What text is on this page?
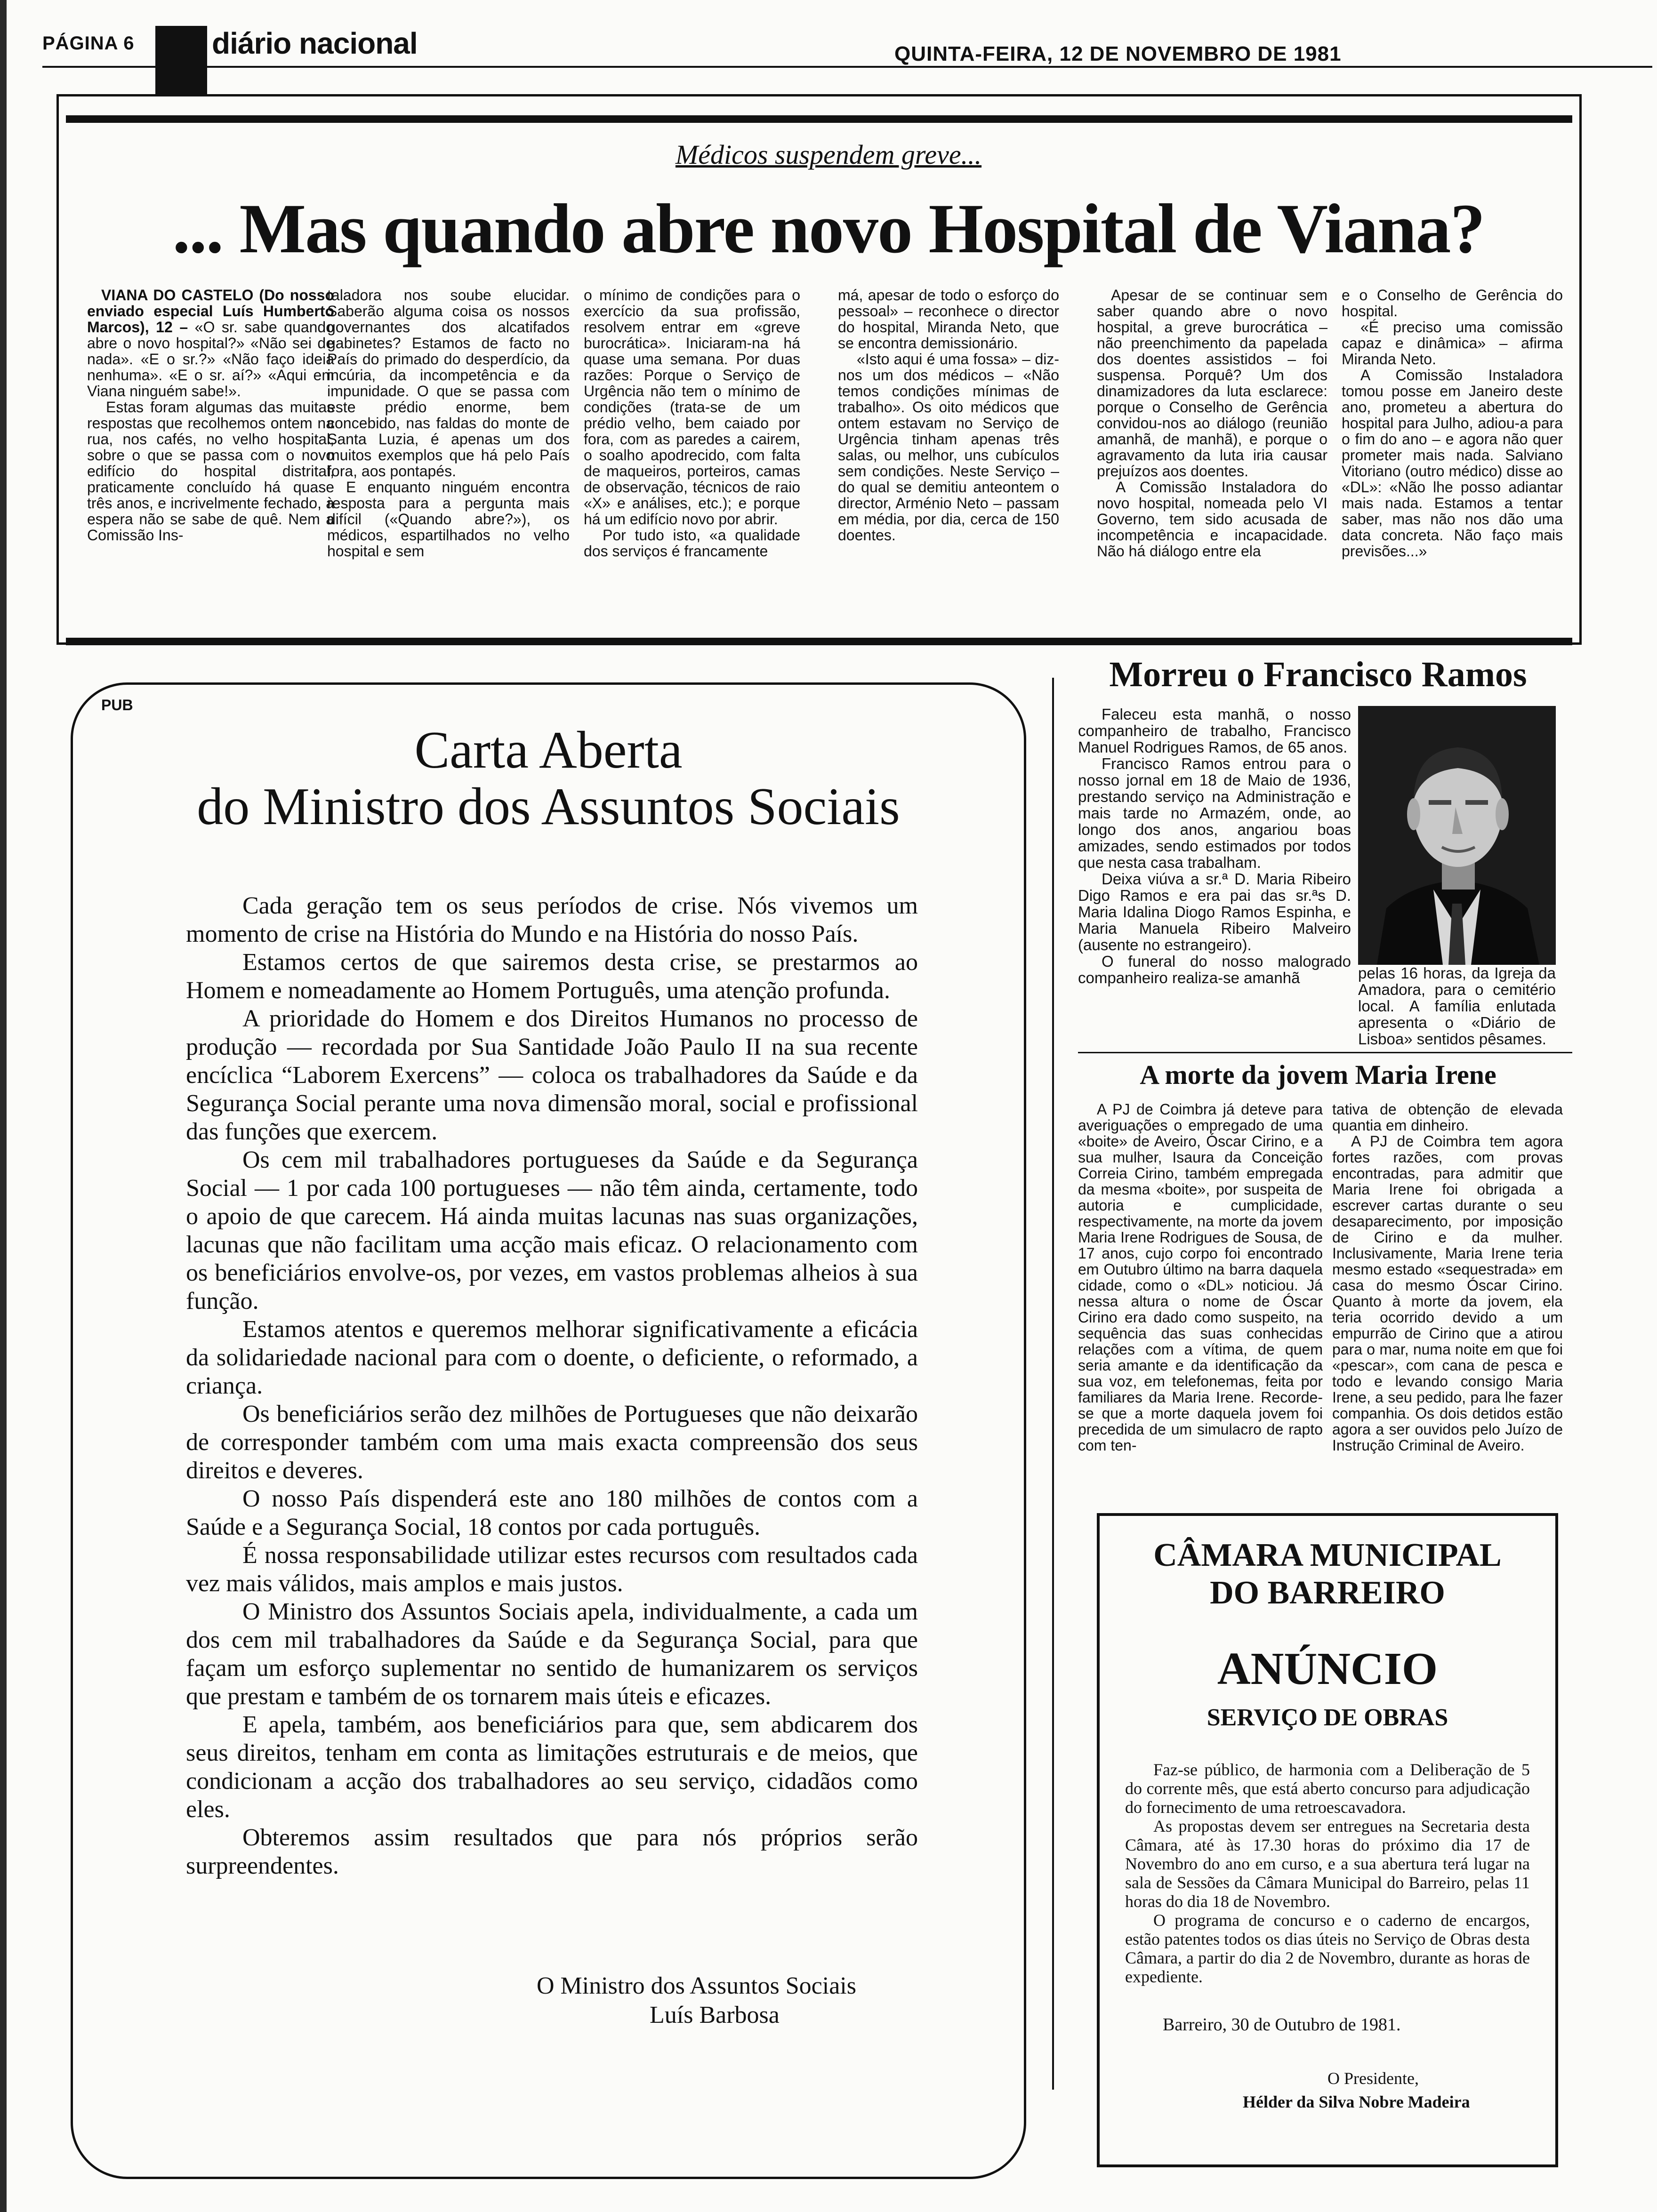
PÁGINA 6	diário nacional	QUINTA-FEIRA, 12 DE NOVEMBRO DE 1981
Médicos suspendem greve...
... Mas quando abre novo Hospital de Viana?

VIANA DO CASTELO (Do nosso enviado especial Luís Humberto Marcos), 12 – «O sr. sabe quando abre o novo hospital?» «Não sei de nada». «E o sr.?» «Não faço ideia nenhuma». «E o sr. aí?» «Aqui em Viana ninguém sabe!».

Estas foram algumas das muitas respostas que recolhemos ontem na rua, nos cafés, no velho hospital, sobre o que se passa com o novo edifício do hospital distrital, praticamente concluído há quase três anos, e incrivelmente fechado, à espera não se sabe de quê. Nem a Comissão Ins-

taladora nos soube elucidar. Saberão alguma coisa os nossos governantes dos alcatifados gabinetes? Estamos de facto no País do primado do desperdício, da incúria, da incompetência e da impunidade. O que se passa com este prédio enorme, bem concebido, nas faldas do monte de Santa Luzia, é apenas um dos muitos exemplos que há pelo País fora, aos pontapés.

E enquanto ninguém encontra resposta para a pergunta mais difícil («Quando abre?»), os médicos, espartilhados no velho hospital e sem

o mínimo de condições para o exercício da sua profissão, resolvem entrar em «greve burocrática». Iniciaram-na há quase uma semana. Por duas razões: Porque o Serviço de Urgência não tem o mínimo de condições (trata-se de um prédio velho, bem caiado por fora, com as paredes a cairem, o soalho apodrecido, com falta de maqueiros, porteiros, camas de observação, técnicos de raio «X» e análises, etc.); e porque há um edifício novo por abrir.

Por tudo isto, «a qualidade dos serviços é francamente

má, apesar de todo o esforço do pessoal» – reconhece o director do hospital, Miranda Neto, que se encontra demissionário.

«Isto aqui é uma fossa» – diz-nos um dos médicos – «Não temos condições mínimas de trabalho». Os oito médicos que ontem estavam no Serviço de Urgência tinham apenas três salas, ou melhor, uns cubículos sem condições. Neste Serviço – do qual se demitiu anteontem o director, Arménio Neto – passam em média, por dia, cerca de 150 doentes.

Apesar de se continuar sem saber quando abre o novo hospital, a greve burocrática – não preenchimento da papelada dos doentes assistidos – foi suspensa. Porquê? Um dos dinamizadores da luta esclarece: porque o Conselho de Gerência convidou-nos ao diálogo (reunião amanhã, de manhã), e porque o agravamento da luta iria causar prejuízos aos doentes.

A Comissão Instaladora do novo hospital, nomeada pelo VI Governo, tem sido acusada de incompetência e incapacidade. Não há diálogo entre ela

e o Conselho de Gerência do hospital.

«É preciso uma comissão capaz e dinâmica» – afirma Miranda Neto.

A Comissão Instaladora tomou posse em Janeiro deste ano, prometeu a abertura do hospital para Julho, adiou-a para o fim do ano – e agora não quer prometer mais nada. Salviano Vitoriano (outro médico) disse ao «DL»: «Não lhe posso adiantar mais nada. Estamos a tentar saber, mas não nos dão uma data concreta. Não faço mais previsões...»

PUB
Carta Aberta
do Ministro dos Assuntos Sociais

Cada geração tem os seus períodos de crise. Nós vivemos um momento de crise na História do Mundo e na História do nosso País.

Estamos certos de que sairemos desta crise, se prestarmos ao Homem e nomeadamente ao Homem Português, uma atenção profunda.

A prioridade do Homem e dos Direitos Humanos no processo de produção — recordada por Sua Santidade João Paulo II na sua recente encíclica “Laborem Exercens” — coloca os trabalhadores da Saúde e da Segurança Social perante uma nova dimensão moral, social e profissional das funções que exercem.

Os cem mil trabalhadores portugueses da Saúde e da Segurança Social — 1 por cada 100 portugueses — não têm ainda, certamente, todo o apoio de que carecem. Há ainda muitas lacunas nas suas organizações, lacunas que não facilitam uma acção mais eficaz. O relacionamento com os beneficiários envolve-os, por vezes, em vastos problemas alheios à sua função.

Estamos atentos e queremos melhorar significativamente a eficácia da solidariedade nacional para com o doente, o deficiente, o reformado, a criança.

Os beneficiários serão dez milhões de Portugueses que não deixarão de corresponder também com uma mais exacta compreensão dos seus direitos e deveres.

O nosso País dispenderá este ano 180 milhões de contos com a Saúde e a Segurança Social, 18 contos por cada português.

É nossa responsabilidade utilizar estes recursos com resultados cada vez mais válidos, mais amplos e mais justos.

O Ministro dos Assuntos Sociais apela, individualmente, a cada um dos cem mil trabalhadores da Saúde e da Segurança Social, para que façam um esforço suplementar no sentido de humanizarem os serviços que prestam e também de os tornarem mais úteis e eficazes.

E apela, também, aos beneficiários para que, sem abdicarem dos seus direitos, tenham em conta as limitações estruturais e de meios, que condicionam a acção dos trabalhadores ao seu serviço, cidadãos como eles.

Obteremos assim resultados que para nós próprios serão surpreendentes.

O Ministro dos Assuntos Sociais
Luís Barbosa
Morreu o Francisco Ramos

Faleceu esta manhã, o nosso companheiro de trabalho, Francisco Manuel Rodrigues Ramos, de 65 anos.

Francisco Ramos entrou para o nosso jornal em 18 de Maio de 1936, prestando serviço na Administração e mais tarde no Armazém, onde, ao longo dos anos, angariou boas amizades, sendo estimados por todos que nesta casa trabalham.

Deixa viúva a sr.ª D. Maria Ribeiro Digo Ramos e era pai das sr.ªs D. Maria Idalina Diogo Ramos Espinha, e Maria Manuela Ribeiro Malveiro (ausente no estrangeiro).

O funeral do nosso malogrado companheiro realiza-se amanhã	pelas 16 horas, da Igreja da Amadora, para o cemitério local. A família enlutada apresenta o «Diário de Lisboa» sentidos pêsames.
A morte da jovem Maria Irene

A PJ de Coimbra já deteve para averiguações o empregado de uma «boite» de Aveiro, Óscar Cirino, e a sua mulher, Isaura da Conceição Correia Cirino, também empregada da mesma «boite», por suspeita de autoria e cumplicidade, respectivamente, na morte da jovem Maria Irene Rodrigues de Sousa, de 17 anos, cujo corpo foi encontrado em Outubro último na barra daquela cidade, como o «DL» noticiou. Já nessa altura o nome de Óscar Cirino era dado como suspeito, na sequência das suas conhecidas relações com a vítima, de quem seria amante e da identificação da sua voz, em telefonemas, feita por familiares da Maria Irene. Recorde-se que a morte daquela jovem foi precedida de um simulacro de rapto com ten-

tativa de obtenção de elevada quantia em dinheiro.

A PJ de Coimbra tem agora fortes razões, com provas encontradas, para admitir que Maria Irene foi obrigada a escrever cartas durante o seu desaparecimento, por imposição de Cirino e da mulher. Inclusivamente, Maria Irene teria mesmo estado «sequestrada» em casa do mesmo Óscar Cirino. Quanto à morte da jovem, ela teria ocorrido devido a um empurrão de Cirino que a atirou para o mar, numa noite em que foi «pescar», com cana de pesca e todo e levando consigo Maria Irene, a seu pedido, para lhe fazer companhia. Os dois detidos estão agora a ser ouvidos pelo Juízo de Instrução Criminal de Aveiro.

CÂMARA MUNICIPAL
DO BARREIRO
ANÚNCIO
SERVIÇO DE OBRAS

Faz-se público, de harmonia com a Deliberação de 5 do corrente mês, que está aberto concurso para adjudicação do fornecimento de uma retroescavadora.

As propostas devem ser entregues na Secretaria desta Câmara, até às 17.30 horas do próximo dia 17 de Novembro do ano em curso, e a sua abertura terá lugar na sala de Sessões da Câmara Municipal do Barreiro, pelas 11 horas do dia 18 de Novembro.

O programa de concurso e o caderno de encargos, estão patentes todos os dias úteis no Serviço de Obras desta Câmara, a partir do dia 2 de Novembro, durante as horas de expediente.

Barreiro, 30 de Outubro de 1981.
O Presidente,
Hélder da Silva Nobre Madeira
